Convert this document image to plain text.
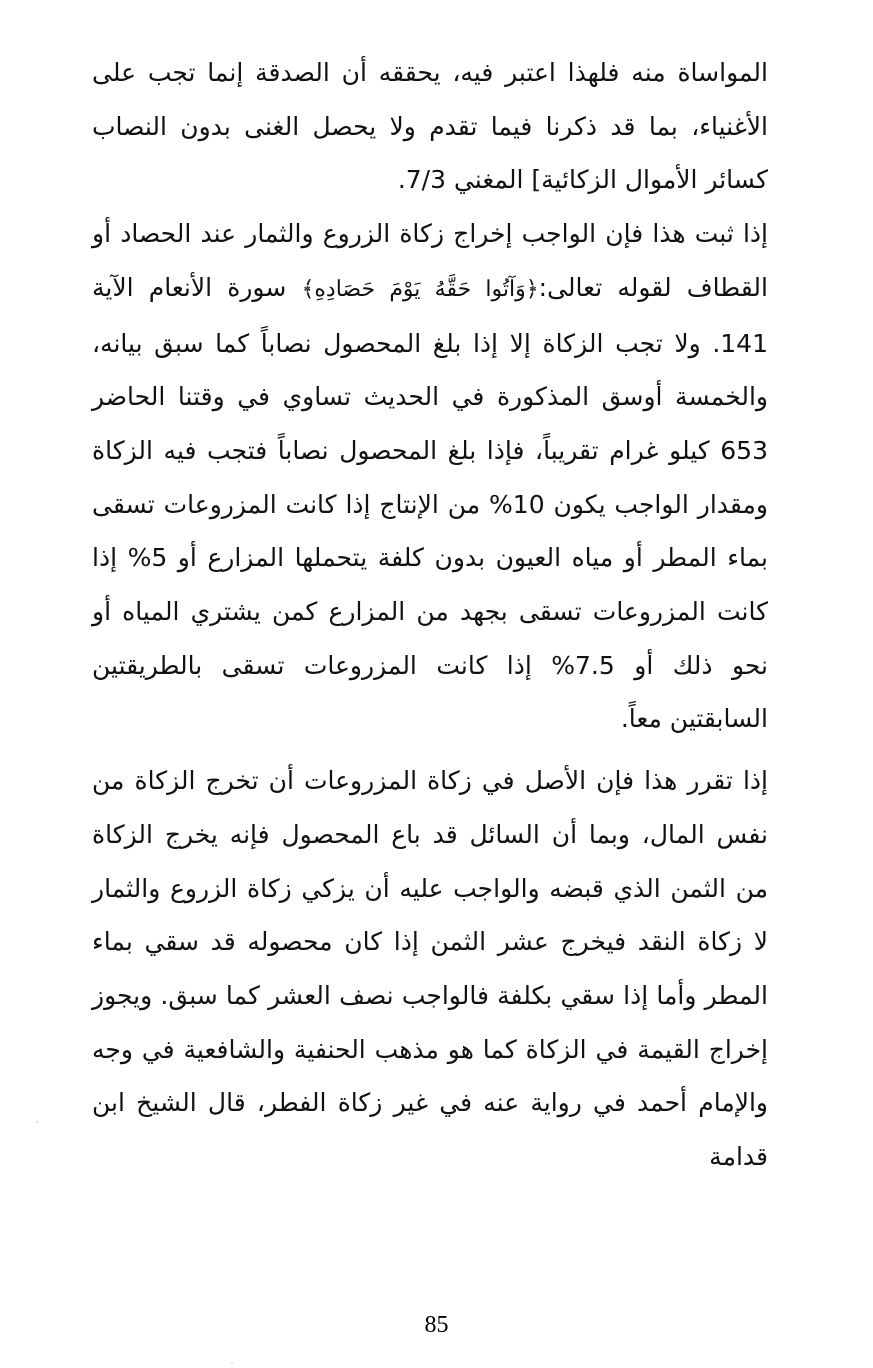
المواساة منه فلهذا اعتبر فيه، يحققه أن الصدقة إنما تجب على الأغنياء، بما قد ذكرنا فيما تقدم ولا يحصل الغنى بدون النصاب كسائر الأموال الزكائية] المغني 7/3.

إذا ثبت هذا فإن الواجب إخراج زكاة الزروع والثمار عند الحصاد أو القطاف لقوله تعالى:﴿وَآتُوا حَقَّهُ يَوْمَ حَصَادِهِ﴾ سورة الأنعام الآية 141. ولا تجب الزكاة إلا إذا بلغ المحصول نصاباً كما سبق بيانه، والخمسة أوسق المذكورة في الحديث تساوي في وقتنا الحاضر 653 كيلو غرام تقريباً، فإذا بلغ المحصول نصاباً فتجب فيه الزكاة ومقدار الواجب يكون 10% من الإنتاج إذا كانت المزروعات تسقى بماء المطر أو مياه العيون بدون كلفة يتحملها المزارع أو 5% إذا كانت المزروعات تسقى بجهد من المزارع كمن يشتري المياه أو نحو ذلك أو 7.5% إذا كانت المزروعات تسقى بالطريقتين السابقتين معاً.

إذا تقرر هذا فإن الأصل في زكاة المزروعات أن تخرج الزكاة من نفس المال، وبما أن السائل قد باع المحصول فإنه يخرج الزكاة من الثمن الذي قبضه والواجب عليه أن يزكي زكاة الزروع والثمار لا زكاة النقد فيخرج عشر الثمن إذا كان محصوله قد سقي بماء المطر وأما إذا سقي بكلفة فالواجب نصف العشر كما سبق. ويجوز إخراج القيمة في الزكاة كما هو مذهب الحنفية والشافعية في وجه والإمام أحمد في رواية عنه في غير زكاة الفطر، قال الشيخ ابن قدامة

85
